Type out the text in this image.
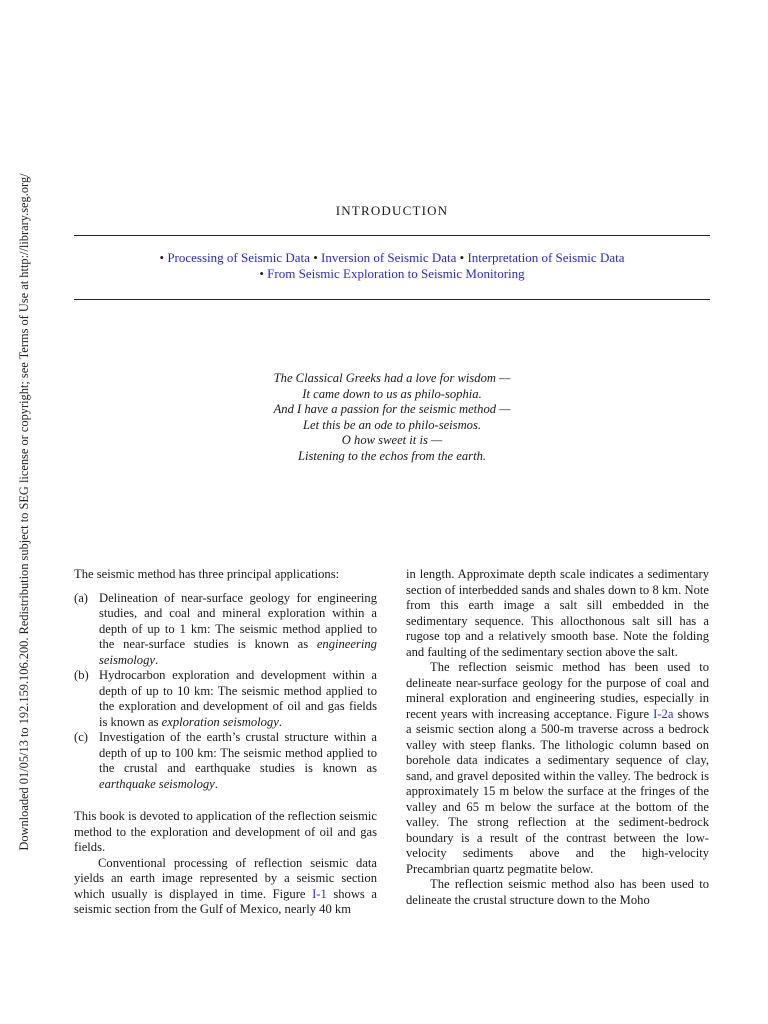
Downloaded 01/05/13 to 192.159.106.200. Redistribution subject to SEG license or copyright; see Terms of Use at http://library.seg.org/	INTRODUCTION
• Processing of Seismic Data • Inversion of Seismic Data • Interpretation of Seismic Data
• From Seismic Exploration to Seismic Monitoring
The Classical Greeks had a love for wisdom —
It came down to us as philo-sophia.
And I have a passion for the seismic method —
Let this be an ode to philo-seismos.
O how sweet it is —
Listening to the echos from the earth.

The seismic method has three principal applications:

(a) Delineation of near-surface geology for engineering studies, and coal and mineral exploration within a depth of up to 1 km: The seismic method applied to the near-surface studies is known as engineering seismology.
(b) Hydrocarbon exploration and development within a depth of up to 10 km: The seismic method applied to the exploration and development of oil and gas fields is known as exploration seismology.
(c) Investigation of the earth’s crustal structure within a depth of up to 100 km: The seismic method applied to the crustal and earthquake studies is known as earthquake seismology.

This book is devoted to application of the reflection seismic method to the exploration and development of oil and gas fields.

Conventional processing of reflection seismic data yields an earth image represented by a seismic section which usually is displayed in time. Figure I-1 shows a seismic section from the Gulf of Mexico, nearly 40 km

in length. Approximate depth scale indicates a sedimentary section of interbedded sands and shales down to 8 km. Note from this earth image a salt sill embedded in the sedimentary sequence. This allocthonous salt sill has a rugose top and a relatively smooth base. Note the folding and faulting of the sedimentary section above the salt.

The reflection seismic method has been used to delineate near-surface geology for the purpose of coal and mineral exploration and engineering studies, especially in recent years with increasing acceptance. Figure I-2a shows a seismic section along a 500-m traverse across a bedrock valley with steep flanks. The lithologic column based on borehole data indicates a sedimentary sequence of clay, sand, and gravel deposited within the valley. The bedrock is approximately 15 m below the surface at the fringes of the valley and 65 m below the surface at the bottom of the valley. The strong reflection at the sediment-bedrock boundary is a result of the contrast between the low-velocity sediments above and the high-velocity Precambrian quartz pegmatite below.

The reflection seismic method also has been used to delineate the crustal structure down to the Moho
